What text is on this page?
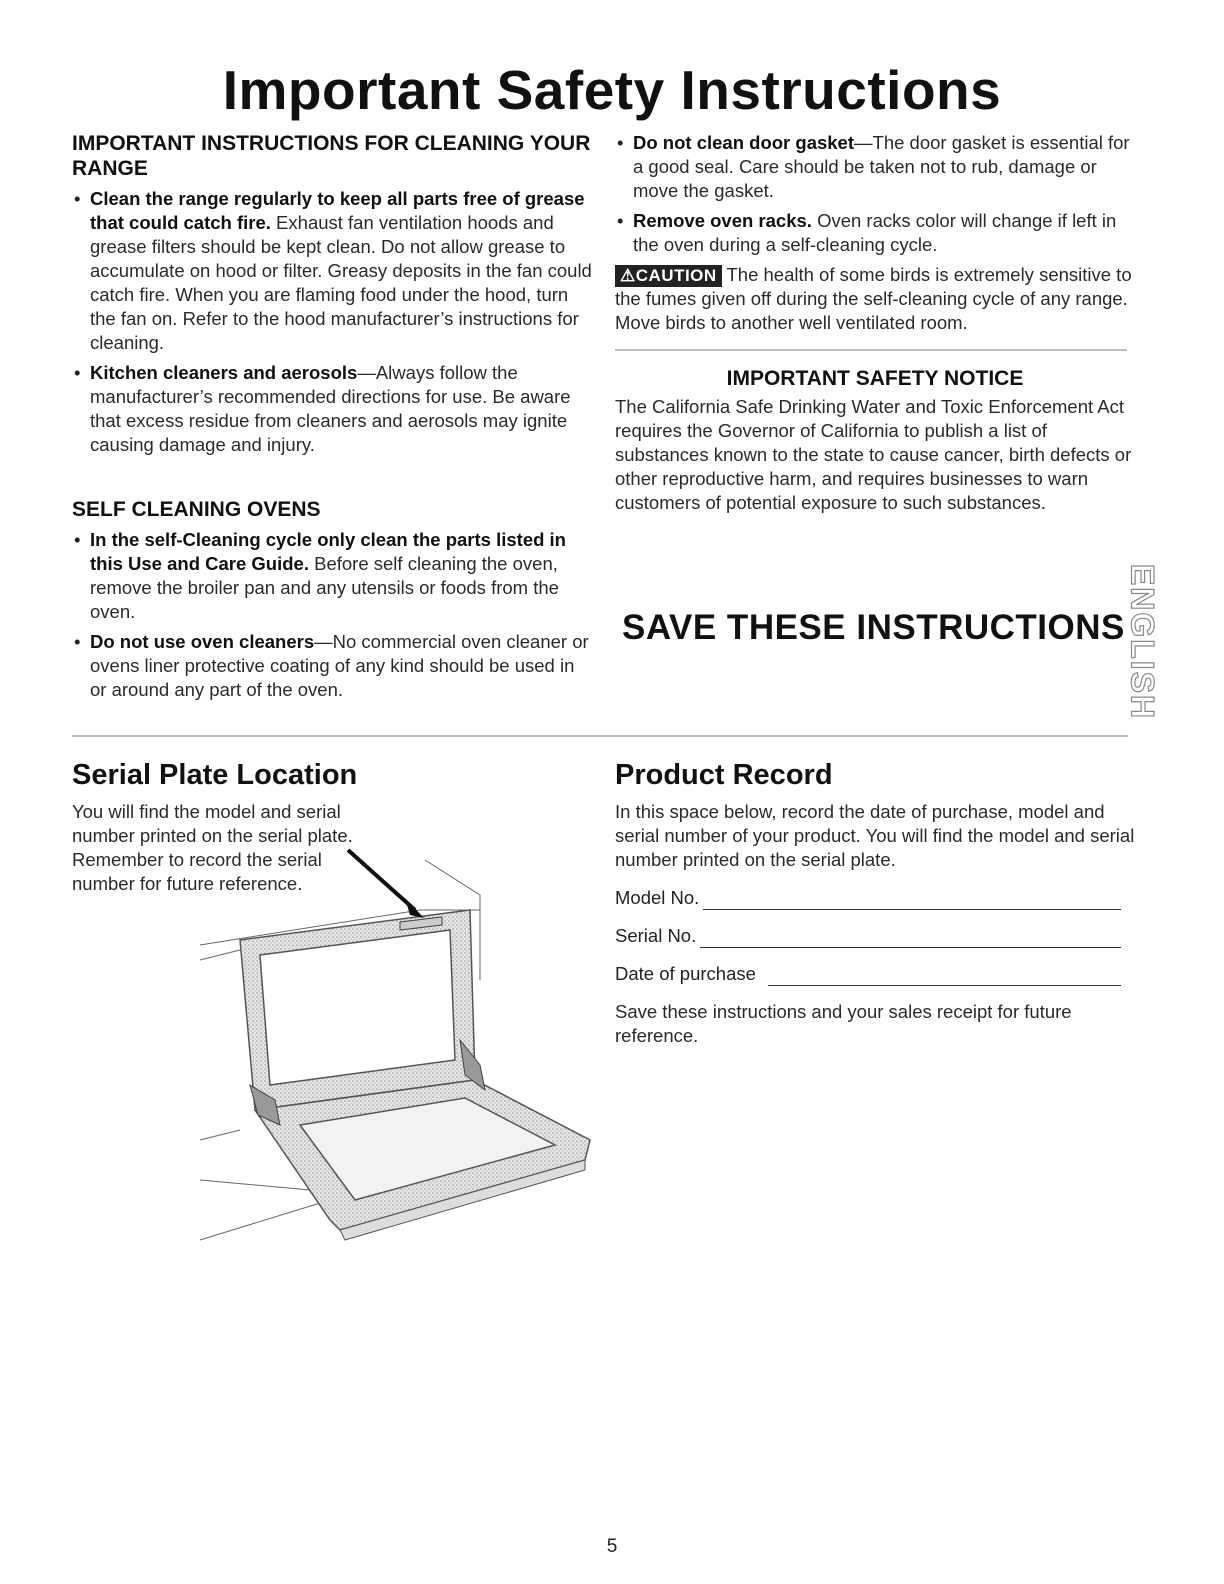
Important Safety Instructions
IMPORTANT INSTRUCTIONS FOR CLEANING YOUR RANGE
• Clean the range regularly to keep all parts free of grease that could catch fire. Exhaust fan ventilation hoods and grease filters should be kept clean. Do not allow grease to accumulate on hood or filter. Greasy deposits in the fan could catch fire. When you are flaming food under the hood, turn the fan on. Refer to the hood manufacturer’s instructions for cleaning.
• Kitchen cleaners and aerosols—Always follow the manufacturer’s recommended directions for use. Be aware that excess residue from cleaners and aerosols may ignite causing damage and injury.
SELF CLEANING OVENS
• In the self-Cleaning cycle only clean the parts listed in this Use and Care Guide. Before self cleaning the oven, remove the broiler pan and any utensils or foods from the oven.
• Do not use oven cleaners—No commercial oven cleaner or ovens liner protective coating of any kind should be used in or around any part of the oven.
• Do not clean door gasket—The door gasket is essential for a good seal. Care should be taken not to rub, damage or move the gasket.
• Remove oven racks. Oven racks color will change if left in the oven during a self-cleaning cycle.

⚠CAUTION The health of some birds is extremely sensitive to the fumes given off during the self-cleaning cycle of any range. Move birds to another well ventilated room.

IMPORTANT SAFETY NOTICE

The California Safe Drinking Water and Toxic Enforcement Act requires the Governor of California to publish a list of substances known to the state to cause cancer, birth defects or other reproductive harm, and requires businesses to warn customers of potential exposure to such substances.

SAVE THESE INSTRUCTIONS ENGLISH
Serial Plate Location

You will find the model and serial number printed on the serial plate. Remember to record the serial number for future reference.

Product Record

In this space below, record the date of purchase, model and serial number of your product. You will find the model and serial number printed on the serial plate.

Model No.
Serial No.
Date of purchase

Save these instructions and your sales receipt for future reference.

5
